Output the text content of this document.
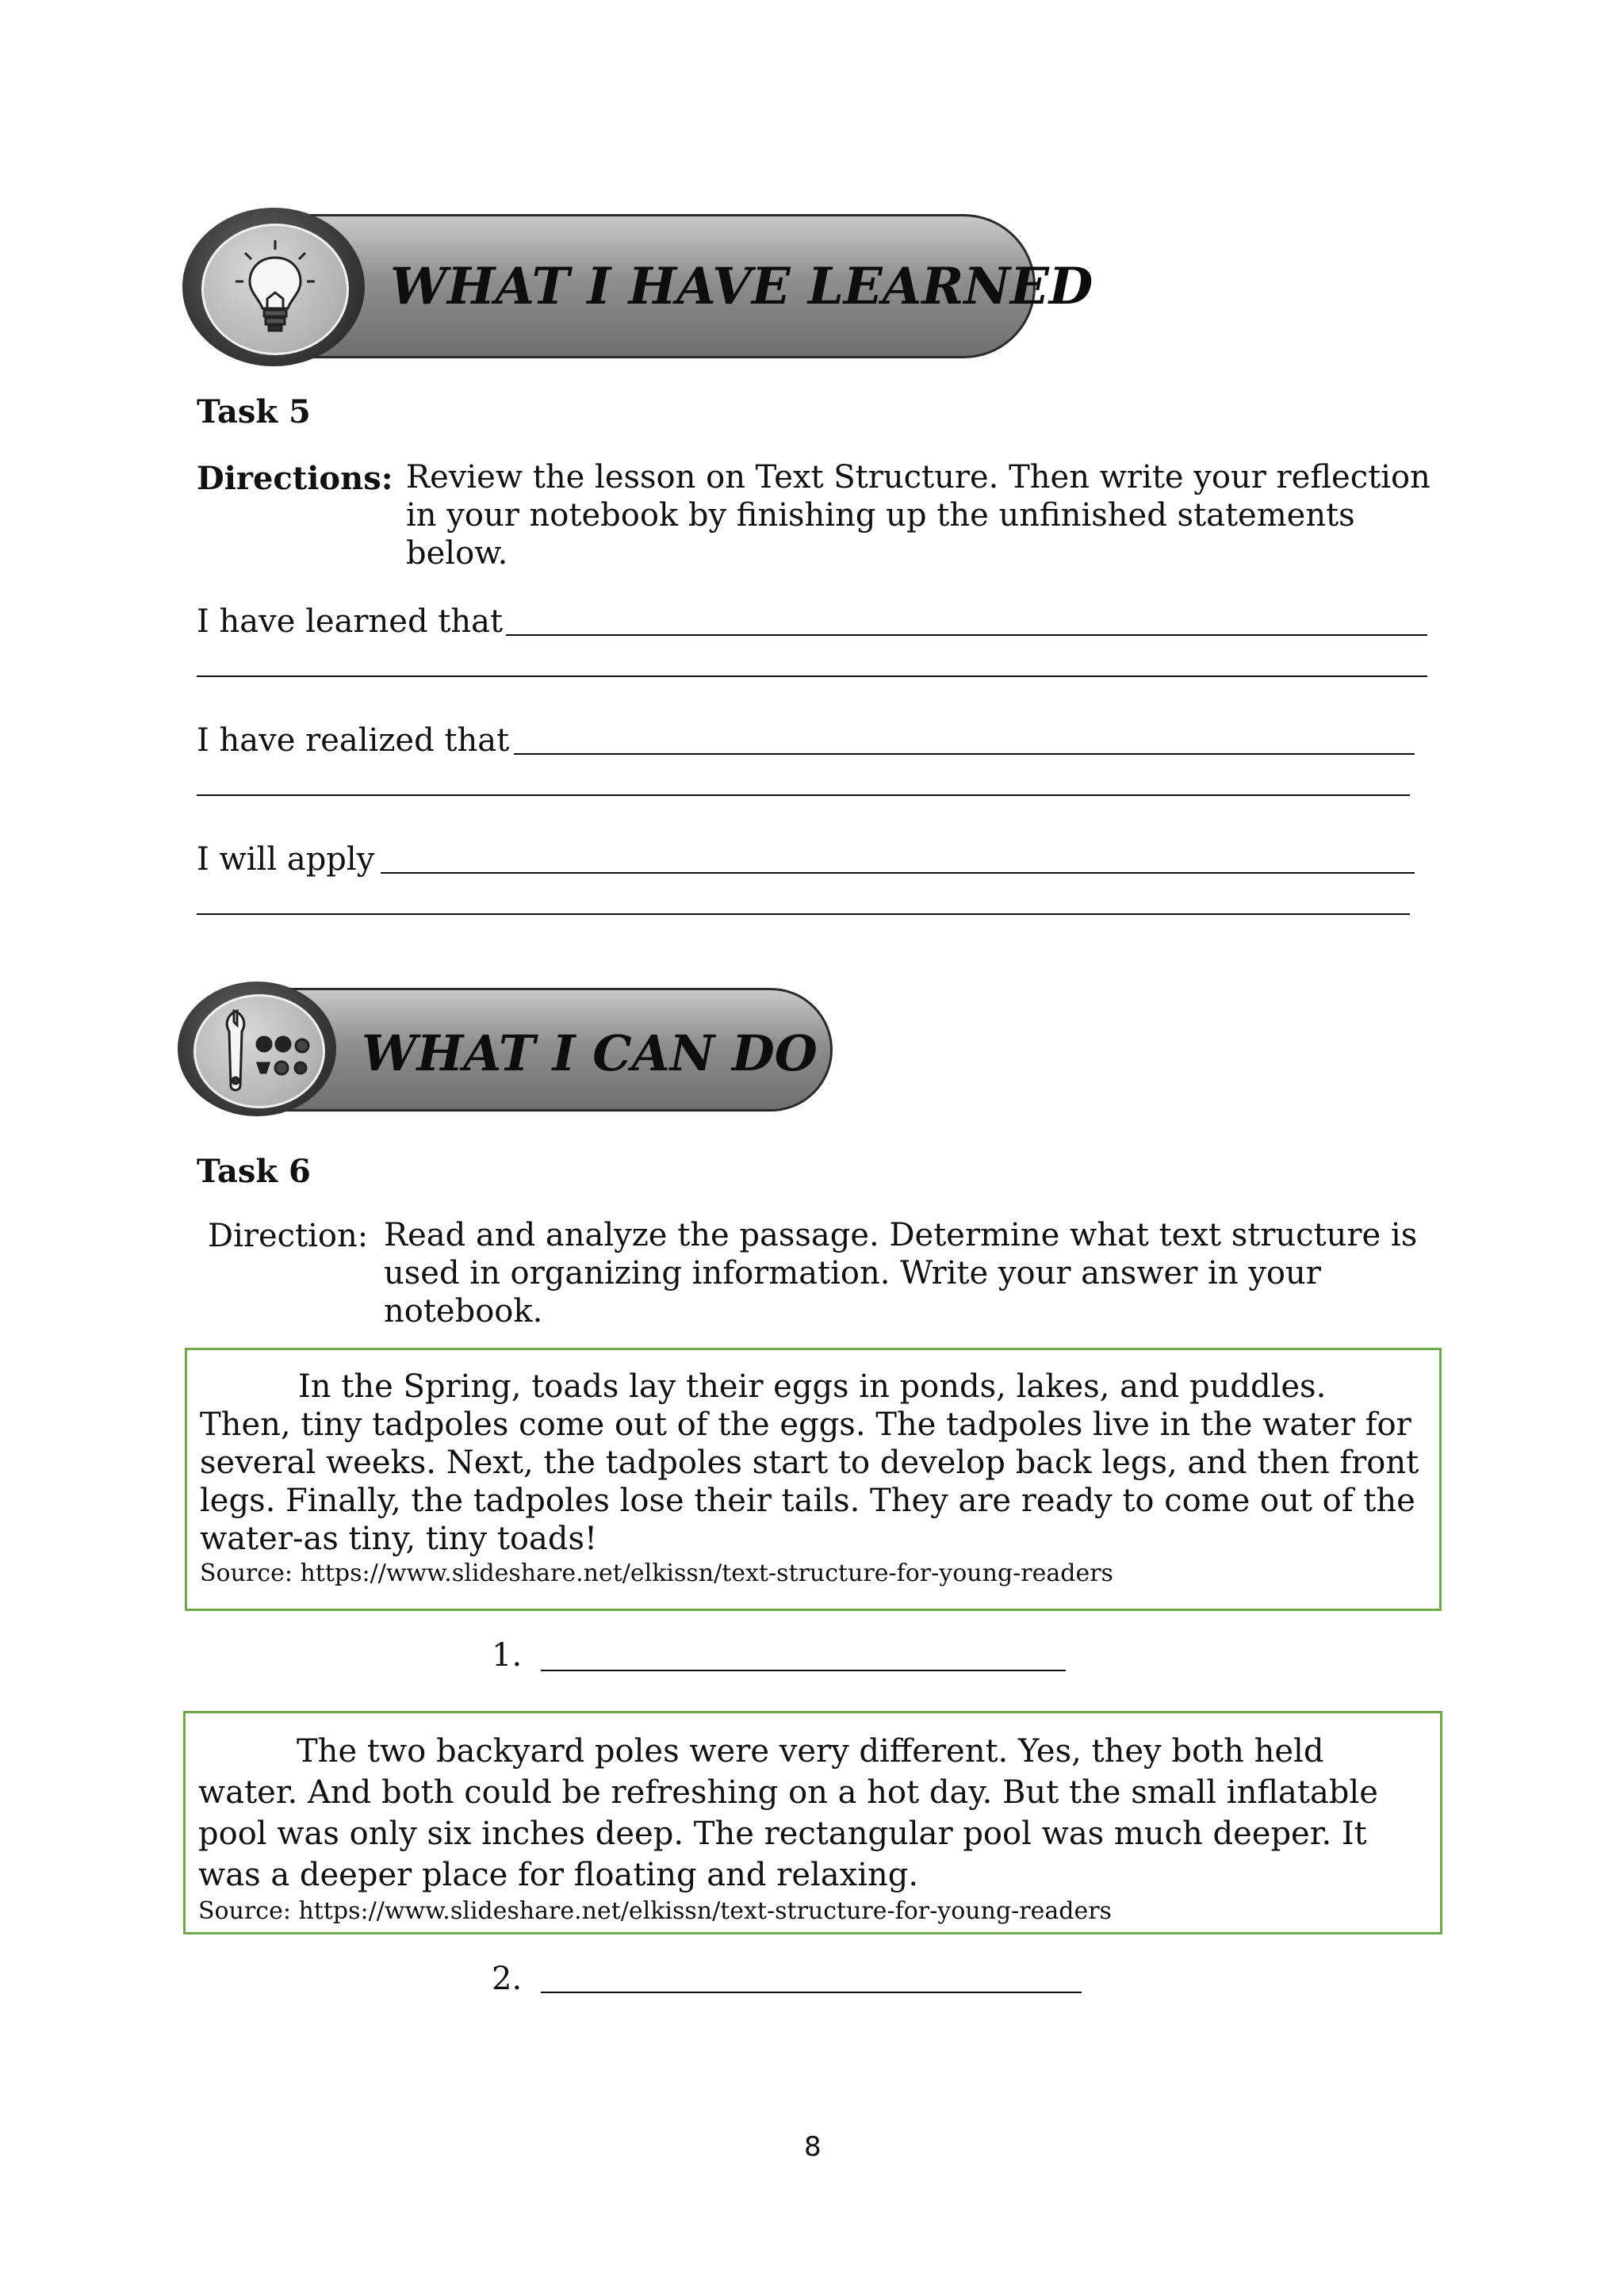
WHAT I HAVE LEARNED
Task 5
Directions: Review the lesson on Text Structure. Then write your reflection
in your notebook by finishing up the unfinished statements
below.
I have learned that
I have realized that
I will apply
WHAT I CAN DO
Task 6
Direction: Read and analyze the passage. Determine what text structure is
used in organizing information. Write your answer in your
notebook.

In the Spring, toads lay their eggs in ponds, lakes, and puddles. Then, tiny tadpoles come out of the eggs. The tadpoles live in the water for several weeks. Next, the tadpoles start to develop back legs, and then front legs. Finally, the tadpoles lose their tails. They are ready to come out of the water-as tiny, tiny toads!

Source: https://www.slideshare.net/elkissn/text-structure-for-young-readers
1.

The two backyard poles were very different. Yes, they both held water. And both could be refreshing on a hot day. But the small inflatable pool was only six inches deep. The rectangular pool was much deeper. It was a deeper place for floating and relaxing.

Source: https://www.slideshare.net/elkissn/text-structure-for-young-readers
2.
8
